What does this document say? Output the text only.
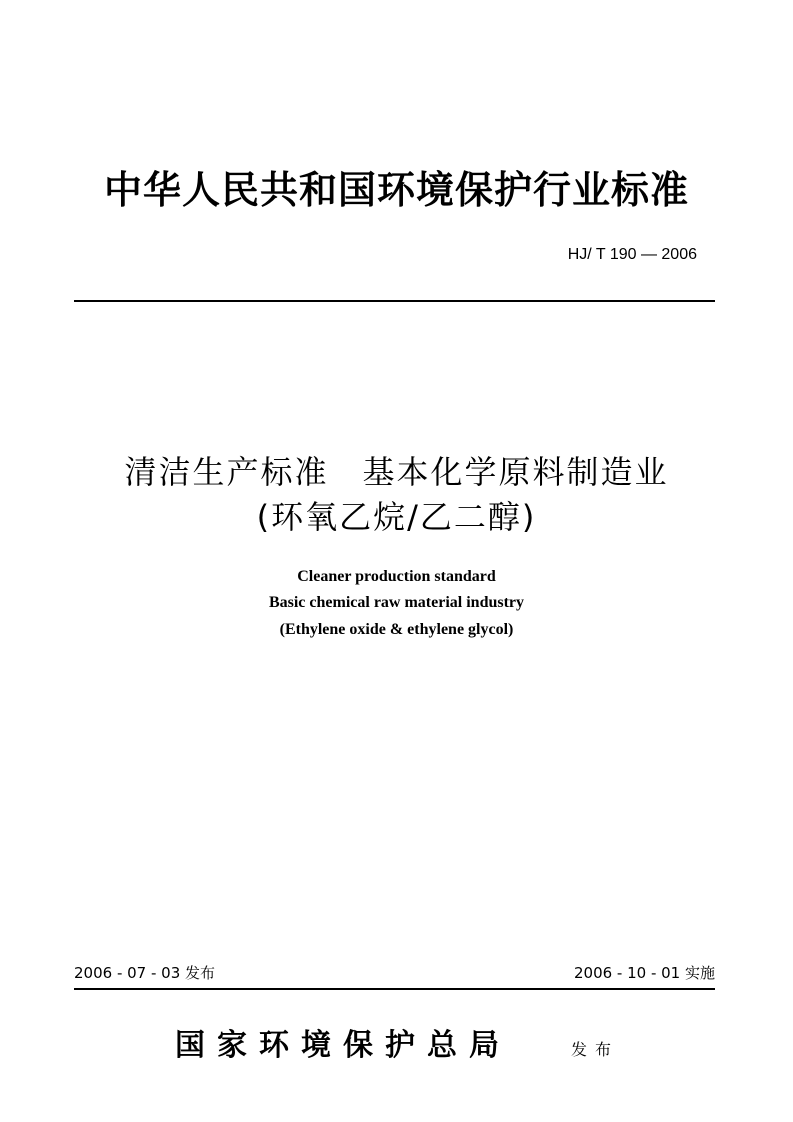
中华人民共和国环境保护行业标准
HJ/ T 190 — 2006
清洁生产标准　基本化学原料制造业
(环氧乙烷/乙二醇)
Cleaner production standard
Basic chemical raw material industry
(Ethylene oxide & ethylene glycol)
2006 - 07 - 03 发布	2006 - 10 - 01 实施
国家环境保护总局	发布
